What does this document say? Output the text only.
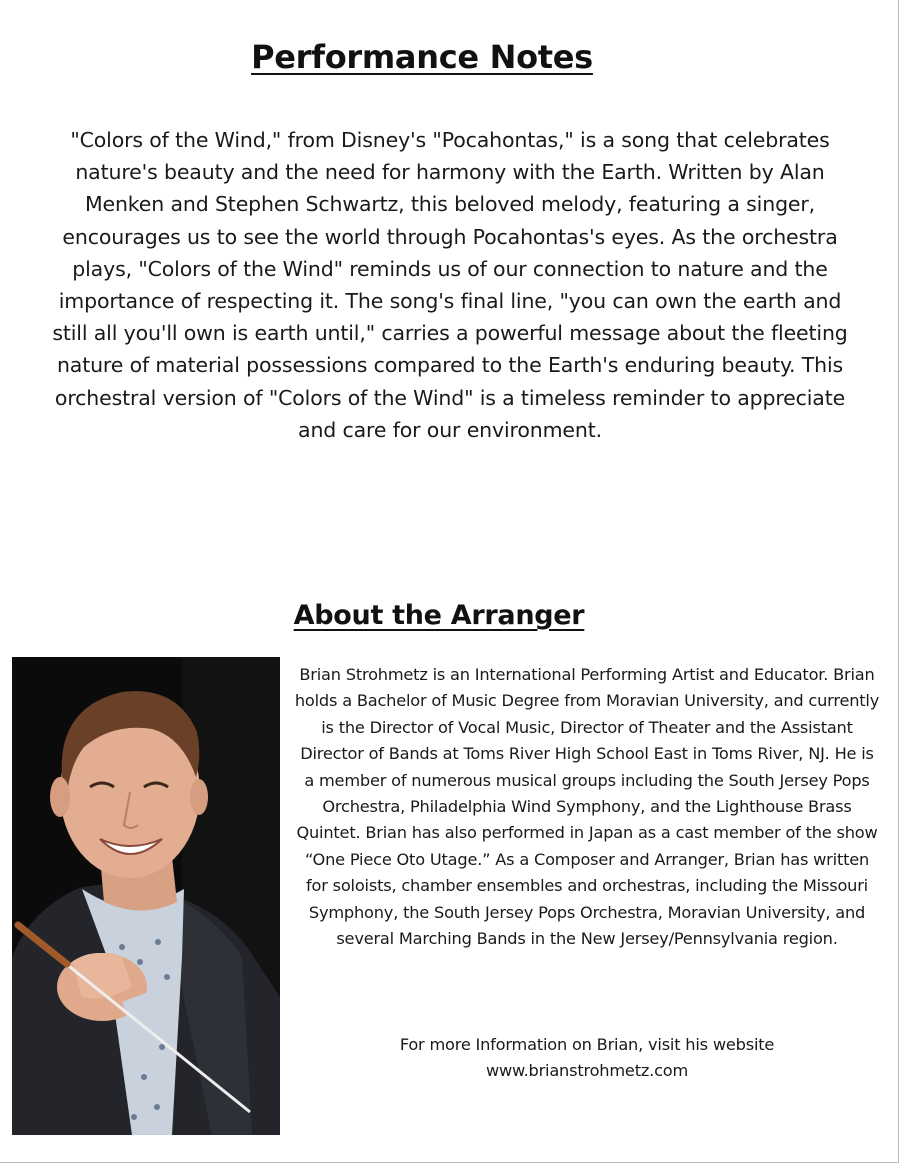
Performance Notes

"Colors of the Wind," from Disney's "Pocahontas," is a song that celebrates nature's beauty and the need for harmony with the Earth. Written by Alan Menken and Stephen Schwartz, this beloved melody, featuring a singer, encourages us to see the world through Pocahontas's eyes. As the orchestra plays, "Colors of the Wind" reminds us of our connection to nature and the importance of respecting it. The song's final line, "you can own the earth and still all you'll own is earth until," carries a powerful message about the fleeting nature of material possessions compared to the Earth's enduring beauty. This orchestral version of "Colors of the Wind" is a timeless reminder to appreciate and care for our environment.

About the Arranger

Brian Strohmetz is an International Performing Artist and Educator. Brian holds a Bachelor of Music Degree from Moravian University, and currently is the Director of Vocal Music, Director of Theater and the Assistant Director of Bands at Toms River High School East in Toms River, NJ. He is a member of numerous musical groups including the South Jersey Pops Orchestra, Philadelphia Wind Symphony, and the Lighthouse Brass Quintet. Brian has also performed in Japan as a cast member of the show “One Piece Oto Utage.” As a Composer and Arranger, Brian has written for soloists, chamber ensembles and orchestras, including the Missouri Symphony, the South Jersey Pops Orchestra, Moravian University, and several Marching Bands in the New Jersey/Pennsylvania region.

For more Information on Brian, visit his website
www.brianstrohmetz.com
